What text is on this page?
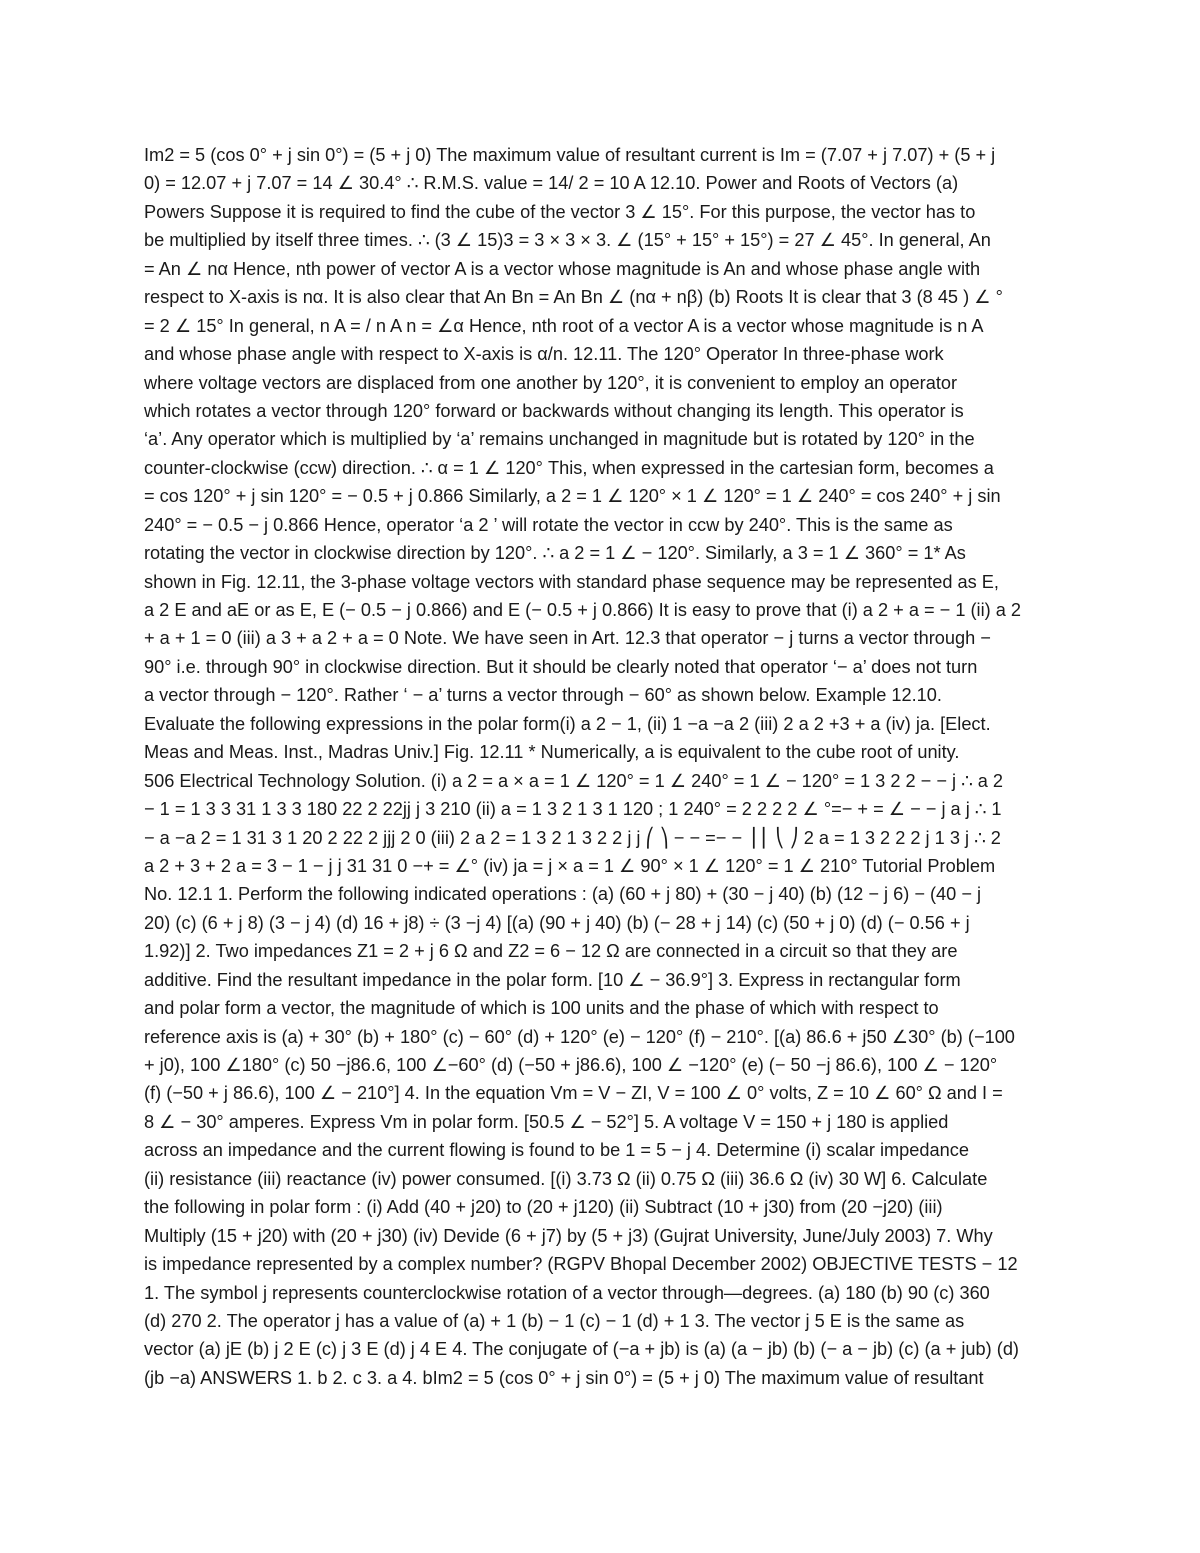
Im2 = 5 (cos 0° + j sin 0°) = (5 + j 0) The maximum value of resultant current is Im = (7.07 + j 7.07) + (5 + j
0) = 12.07 + j 7.07 = 14 ∠ 30.4° ∴ R.M.S. value = 14/ 2 = 10 A 12.10. Power and Roots of Vectors (a)
Powers Suppose it is required to find the cube of the vector 3 ∠ 15°. For this purpose, the vector has to
be multiplied by itself three times. ∴ (3 ∠ 15)3 = 3 × 3 × 3. ∠ (15° + 15° + 15°) = 27 ∠ 45°. In general, An
= An ∠ nα Hence, nth power of vector A is a vector whose magnitude is An and whose phase angle with
respect to X-axis is nα. It is also clear that An Bn = An Bn ∠ (nα + nβ) (b) Roots It is clear that 3 (8 45 ) ∠ °
= 2 ∠ 15° In general, n A = / n A n = ∠α Hence, nth root of a vector A is a vector whose magnitude is n A
and whose phase angle with respect to X-axis is α/n. 12.11. The 120° Operator In three-phase work
where voltage vectors are displaced from one another by 120°, it is convenient to employ an operator
which rotates a vector through 120° forward or backwards without changing its length. This operator is
‘a’. Any operator which is multiplied by ‘a’ remains unchanged in magnitude but is rotated by 120° in the
counter-clockwise (ccw) direction. ∴ α = 1 ∠ 120° This, when expressed in the cartesian form, becomes a
= cos 120° + j sin 120° = − 0.5 + j 0.866 Similarly, a 2 = 1 ∠ 120° × 1 ∠ 120° = 1 ∠ 240° = cos 240° + j sin
240° = − 0.5 − j 0.866 Hence, operator ‘a 2 ’ will rotate the vector in ccw by 240°. This is the same as
rotating the vector in clockwise direction by 120°. ∴ a 2 = 1 ∠ − 120°. Similarly, a 3 = 1 ∠ 360° = 1* As
shown in Fig. 12.11, the 3-phase voltage vectors with standard phase sequence may be represented as E,
a 2 E and aE or as E, E (− 0.5 − j 0.866) and E (− 0.5 + j 0.866) It is easy to prove that (i) a 2 + a = − 1 (ii) a 2
+ a + 1 = 0 (iii) a 3 + a 2 + a = 0 Note. We have seen in Art. 12.3 that operator − j turns a vector through −
90° i.e. through 90° in clockwise direction. But it should be clearly noted that operator ‘− a’ does not turn
a vector through − 120°. Rather ‘ − a’ turns a vector through − 60° as shown below. Example 12.10.
Evaluate the following expressions in the polar form(i) a 2 − 1, (ii) 1 −a −a 2 (iii) 2 a 2 +3 + a (iv) ja. [Elect.
Meas and Meas. Inst., Madras Univ.] Fig. 12.11 * Numerically, a is equivalent to the cube root of unity.
506 Electrical Technology Solution. (i) a 2 = a × a = 1 ∠ 120° = 1 ∠ 240° = 1 ∠ − 120° = 1 3 2 2 − − j ∴ a 2
− 1 = 1 3 3 31 1 3 3 180 22 2 22jj j 3 210 (ii) a = 1 3 2 1 3 1 120 ; 1 240° = 2 2 2 2 ∠ °=− + = ∠ − − j a j ∴ 1
− a −a 2 = 1 31 3 1 20 2 22 2 jjj 2 0 (iii) 2 a 2 = 1 3 2 1 3 2 2 j j ⎛ ⎞ − − =− − ⎟ ⎜ ⎝ ⎠ 2 a = 1 3 2 2 2 j 1 3 j ∴ 2
a 2 + 3 + 2 a = 3 − 1 − j j 31 31 0 −+ = ∠° (iv) ja = j × a = 1 ∠ 90° × 1 ∠ 120° = 1 ∠ 210° Tutorial Problem
No. 12.1 1. Perform the following indicated operations : (a) (60 + j 80) + (30 − j 40) (b) (12 − j 6) − (40 − j
20) (c) (6 + j 8) (3 − j 4) (d) 16 + j8) ÷ (3 −j 4) [(a) (90 + j 40) (b) (− 28 + j 14) (c) (50 + j 0) (d) (− 0.56 + j
1.92)] 2. Two impedances Z1 = 2 + j 6 Ω and Z2 = 6 − 12 Ω are connected in a circuit so that they are
additive. Find the resultant impedance in the polar form. [10 ∠ − 36.9°] 3. Express in rectangular form
and polar form a vector, the magnitude of which is 100 units and the phase of which with respect to
reference axis is (a) + 30° (b) + 180° (c) − 60° (d) + 120° (e) − 120° (f) − 210°. [(a) 86.6 + j50 ∠30° (b) (−100
+ j0), 100 ∠180° (c) 50 −j86.6, 100 ∠−60° (d) (−50 + j86.6), 100 ∠ −120° (e) (− 50 −j 86.6), 100 ∠ − 120°
(f) (−50 + j 86.6), 100 ∠ − 210°] 4. In the equation Vm = V − ZI, V = 100 ∠ 0° volts, Z = 10 ∠ 60° Ω and I =
8 ∠ − 30° amperes. Express Vm in polar form. [50.5 ∠ − 52°] 5. A voltage V = 150 + j 180 is applied
across an impedance and the current flowing is found to be 1 = 5 − j 4. Determine (i) scalar impedance
(ii) resistance (iii) reactance (iv) power consumed. [(i) 3.73 Ω (ii) 0.75 Ω (iii) 36.6 Ω (iv) 30 W] 6. Calculate
the following in polar form : (i) Add (40 + j20) to (20 + j120) (ii) Subtract (10 + j30) from (20 −j20) (iii)
Multiply (15 + j20) with (20 + j30) (iv) Devide (6 + j7) by (5 + j3) (Gujrat University, June/July 2003) 7. Why
is impedance represented by a complex number? (RGPV Bhopal December 2002) OBJECTIVE TESTS − 12
1. The symbol j represents counterclockwise rotation of a vector through—degrees. (a) 180 (b) 90 (c) 360
(d) 270 2. The operator j has a value of (a) + 1 (b) − 1 (c) − 1 (d) + 1 3. The vector j 5 E is the same as
vector (a) jE (b) j 2 E (c) j 3 E (d) j 4 E 4. The conjugate of (−a + jb) is (a) (a − jb) (b) (− a − jb) (c) (a + jub) (d)
(jb −a) ANSWERS 1. b 2. c 3. a 4. bIm2 = 5 (cos 0° + j sin 0°) = (5 + j 0) The maximum value of resultant
